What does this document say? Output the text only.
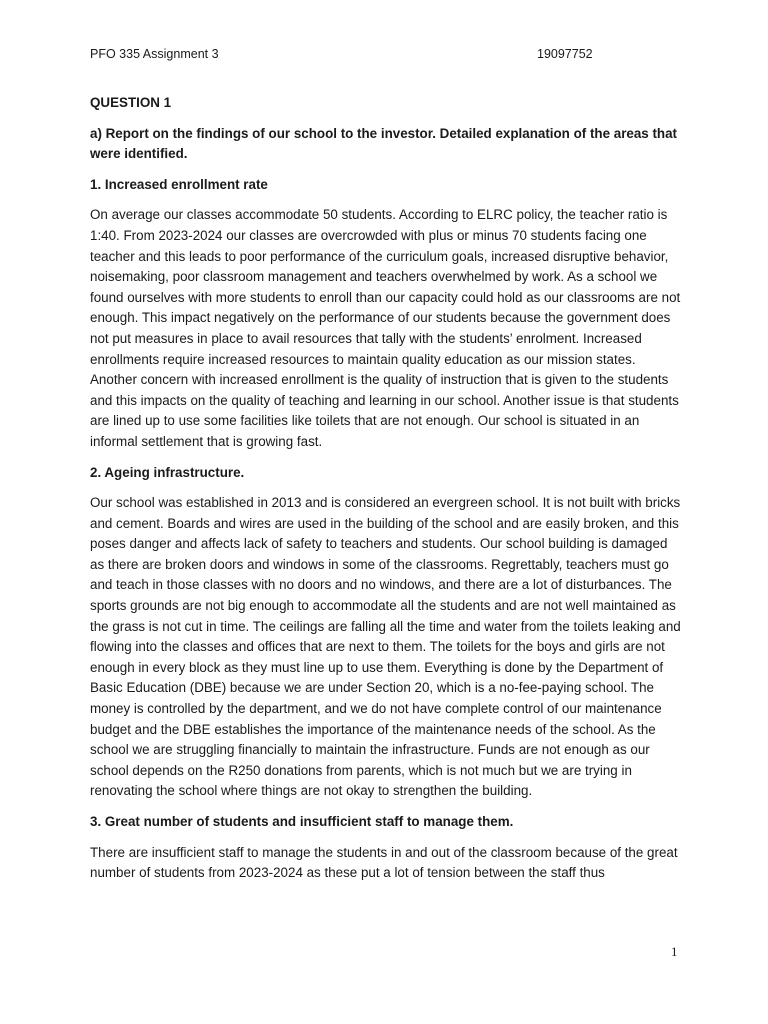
PFO 335 Assignment 3	19097752

QUESTION 1

a) Report on the findings of our school to the investor. Detailed explanation of the areas that were identified.

1. Increased enrollment rate

On average our classes accommodate 50 students. According to ELRC policy, the teacher ratio is 1:40. From 2023-2024 our classes are overcrowded with plus or minus 70 students facing one teacher and this leads to poor performance of the curriculum goals, increased disruptive behavior, noisemaking, poor classroom management and teachers overwhelmed by work. As a school we found ourselves with more students to enroll than our capacity could hold as our classrooms are not enough. This impact negatively on the performance of our students because the government does not put measures in place to avail resources that tally with the students’ enrolment. Increased enrollments require increased resources to maintain quality education as our mission states. Another concern with increased enrollment is the quality of instruction that is given to the students and this impacts on the quality of teaching and learning in our school. Another issue is that students are lined up to use some facilities like toilets that are not enough. Our school is situated in an informal settlement that is growing fast.

2. Ageing infrastructure.

Our school was established in 2013 and is considered an evergreen school. It is not built with bricks and cement. Boards and wires are used in the building of the school and are easily broken, and this poses danger and affects lack of safety to teachers and students. Our school building is damaged as there are broken doors and windows in some of the classrooms. Regrettably, teachers must go and teach in those classes with no doors and no windows, and there are a lot of disturbances. The sports grounds are not big enough to accommodate all the students and are not well maintained as the grass is not cut in time. The ceilings are falling all the time and water from the toilets leaking and flowing into the classes and offices that are next to them. The toilets for the boys and girls are not enough in every block as they must line up to use them. Everything is done by the Department of Basic Education (DBE) because we are under Section 20, which is a no-fee-paying school. The money is controlled by the department, and we do not have complete control of our maintenance budget and the DBE establishes the importance of the maintenance needs of the school. As the school we are struggling financially to maintain the infrastructure. Funds are not enough as our school depends on the R250 donations from parents, which is not much but we are trying in renovating the school where things are not okay to strengthen the building.

3. Great number of students and insufficient staff to manage them.

There are insufficient staff to manage the students in and out of the classroom because of the great number of students from 2023-2024 as these put a lot of tension between the staff thus

1
